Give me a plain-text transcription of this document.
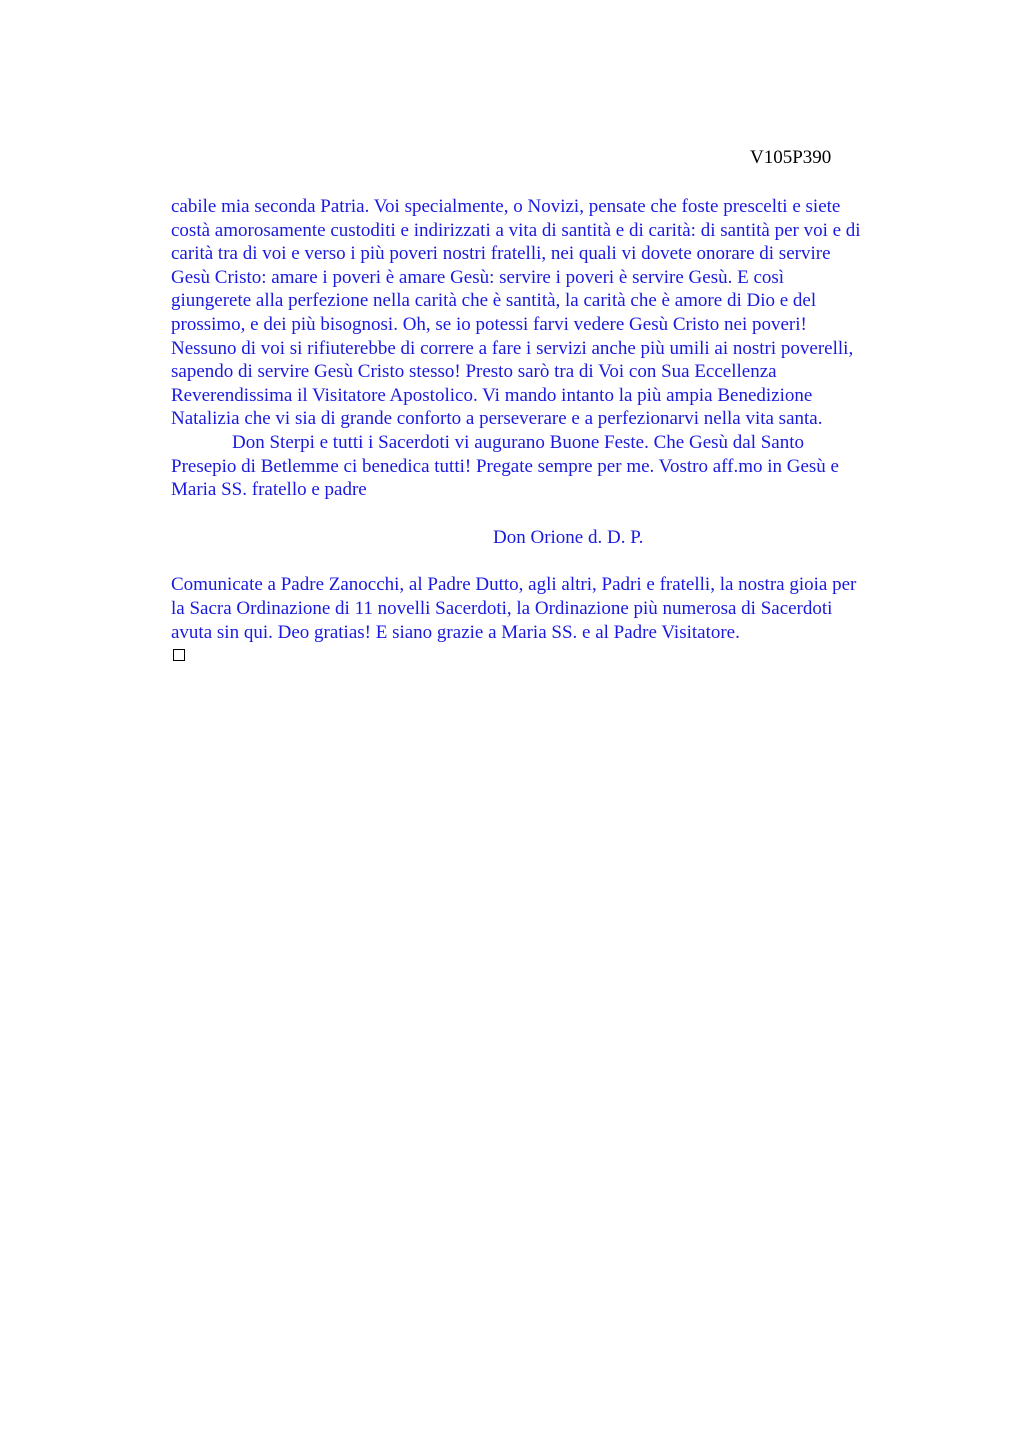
V105P390

cabile mia seconda Patria. Voi specialmente, o Novizi, pensate che foste prescelti e siete
costà amorosamente custoditi e indirizzati a vita di santità e di carità: di santità per voi e di
carità tra di voi e verso i più poveri nostri fratelli, nei quali vi dovete onorare di servire
Gesù Cristo: amare i poveri è amare Gesù: servire i poveri è servire Gesù. E così
giungerete alla perfezione nella carità che è santità, la carità che è amore di Dio e del
prossimo, e dei più bisognosi. Oh, se io potessi farvi vedere Gesù Cristo nei poveri!
Nessuno di voi si rifiuterebbe di correre a fare i servizi anche più umili ai nostri poverelli,
sapendo di servire Gesù Cristo stesso! Presto sarò tra di Voi con Sua Eccellenza
Reverendissima il Visitatore Apostolico. Vi mando intanto la più ampia Benedizione
Natalizia che vi sia di grande conforto a perseverare e a perfezionarvi nella vita santa.

Don Sterpi e tutti i Sacerdoti vi augurano Buone Feste. Che Gesù dal Santo
Presepio di Betlemme ci benedica tutti! Pregate sempre per me. Vostro aff.mo in Gesù e
Maria SS. fratello e padre

Don Orione d. D. P.

Comunicate a Padre Zanocchi, al Padre Dutto, agli altri, Padri e fratelli, la nostra gioia per
la Sacra Ordinazione di 11 novelli Sacerdoti, la Ordinazione più numerosa di Sacerdoti
avuta sin qui. Deo gratias! E siano grazie a Maria SS. e al Padre Visitatore.
